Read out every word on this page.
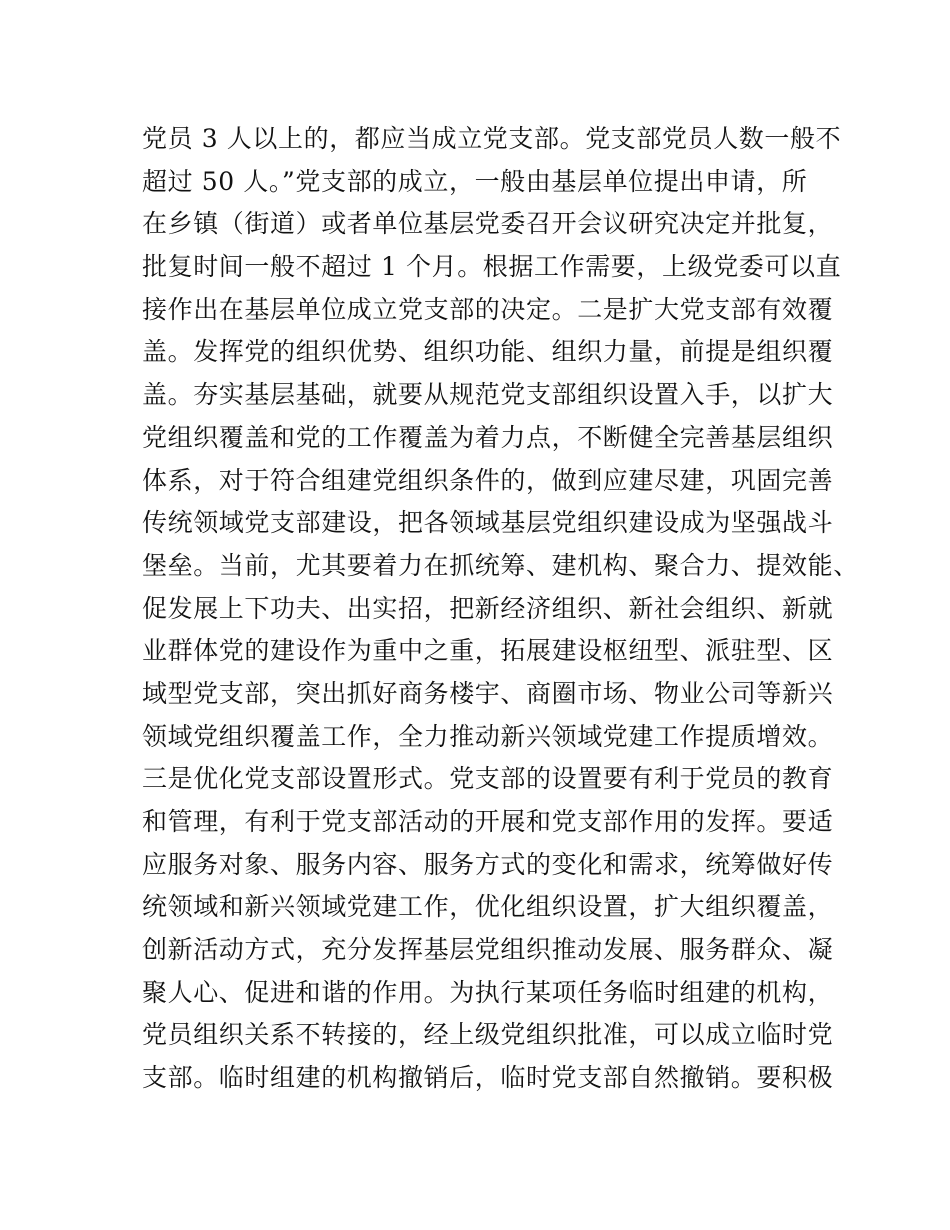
党员 3 人以上的，都应当成立党支部。党支部党员人数一般不
超过 50 人。”党支部的成立，一般由基层单位提出申请，所
在乡镇（街道）或者单位基层党委召开会议研究决定并批复，
批复时间一般不超过 1 个月。根据工作需要，上级党委可以直
接作出在基层单位成立党支部的决定。二是扩大党支部有效覆
盖。发挥党的组织优势、组织功能、组织力量，前提是组织覆
盖。夯实基层基础，就要从规范党支部组织设置入手，以扩大
党组织覆盖和党的工作覆盖为着力点，不断健全完善基层组织
体系，对于符合组建党组织条件的，做到应建尽建，巩固完善
传统领域党支部建设，把各领域基层党组织建设成为坚强战斗
堡垒。当前，尤其要着力在抓统筹、建机构、聚合力、提效能、
促发展上下功夫、出实招，把新经济组织、新社会组织、新就
业群体党的建设作为重中之重，拓展建设枢纽型、派驻型、区
域型党支部，突出抓好商务楼宇、商圈市场、物业公司等新兴
领域党组织覆盖工作，全力推动新兴领域党建工作提质增效。
三是优化党支部设置形式。党支部的设置要有利于党员的教育
和管理，有利于党支部活动的开展和党支部作用的发挥。要适
应服务对象、服务内容、服务方式的变化和需求，统筹做好传
统领域和新兴领域党建工作，优化组织设置，扩大组织覆盖，
创新活动方式，充分发挥基层党组织推动发展、服务群众、凝
聚人心、促进和谐的作用。为执行某项任务临时组建的机构，
党员组织关系不转接的，经上级党组织批准，可以成立临时党
支部。临时组建的机构撤销后，临时党支部自然撤销。要积极
